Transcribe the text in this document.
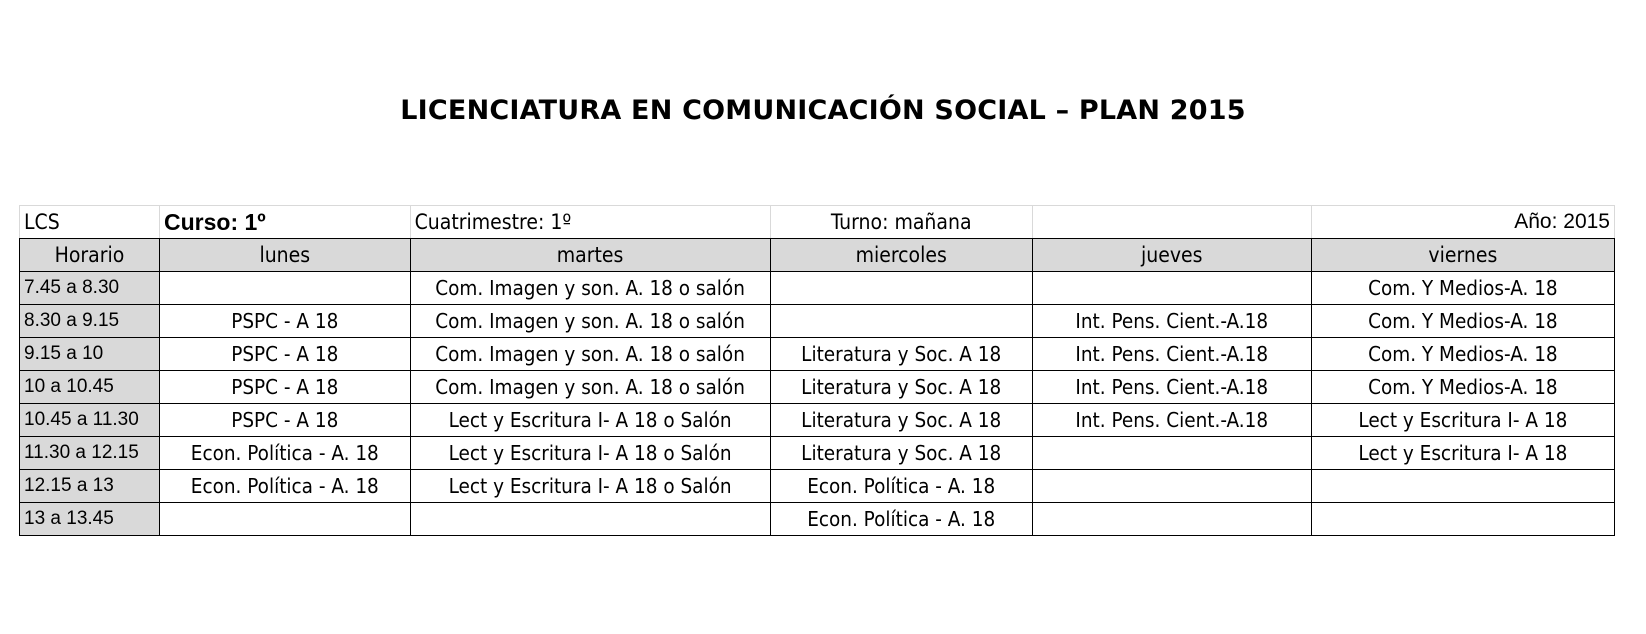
LICENCIATURA EN COMUNICACIÓN SOCIAL – PLAN 2015
LCS	Curso: 1º	Cuatrimestre: 1º	Turno: mañana		Año: 2015
Horario	lunes	martes	miercoles	jueves	viernes
7.45 a 8.30		Com. Imagen y son. A. 18 o salón			Com. Y Medios-A. 18
8.30 a 9.15	PSPC - A 18	Com. Imagen y son. A. 18 o salón		Int. Pens. Cient.-A.18	Com. Y Medios-A. 18
9.15 a 10	PSPC - A 18	Com. Imagen y son. A. 18 o salón	Literatura y Soc. A 18	Int. Pens. Cient.-A.18	Com. Y Medios-A. 18
10 a 10.45	PSPC - A 18	Com. Imagen y son. A. 18 o salón	Literatura y Soc. A 18	Int. Pens. Cient.-A.18	Com. Y Medios-A. 18
10.45 a 11.30	PSPC - A 18	Lect y Escritura I- A 18 o Salón	Literatura y Soc. A 18	Int. Pens. Cient.-A.18	Lect y Escritura I- A 18
11.30 a 12.15	Econ. Política - A. 18	Lect y Escritura I- A 18 o Salón	Literatura y Soc. A 18		Lect y Escritura I- A 18
12.15 a 13	Econ. Política - A. 18	Lect y Escritura I- A 18 o Salón	Econ. Política - A. 18		
13 a 13.45			Econ. Política - A. 18		
